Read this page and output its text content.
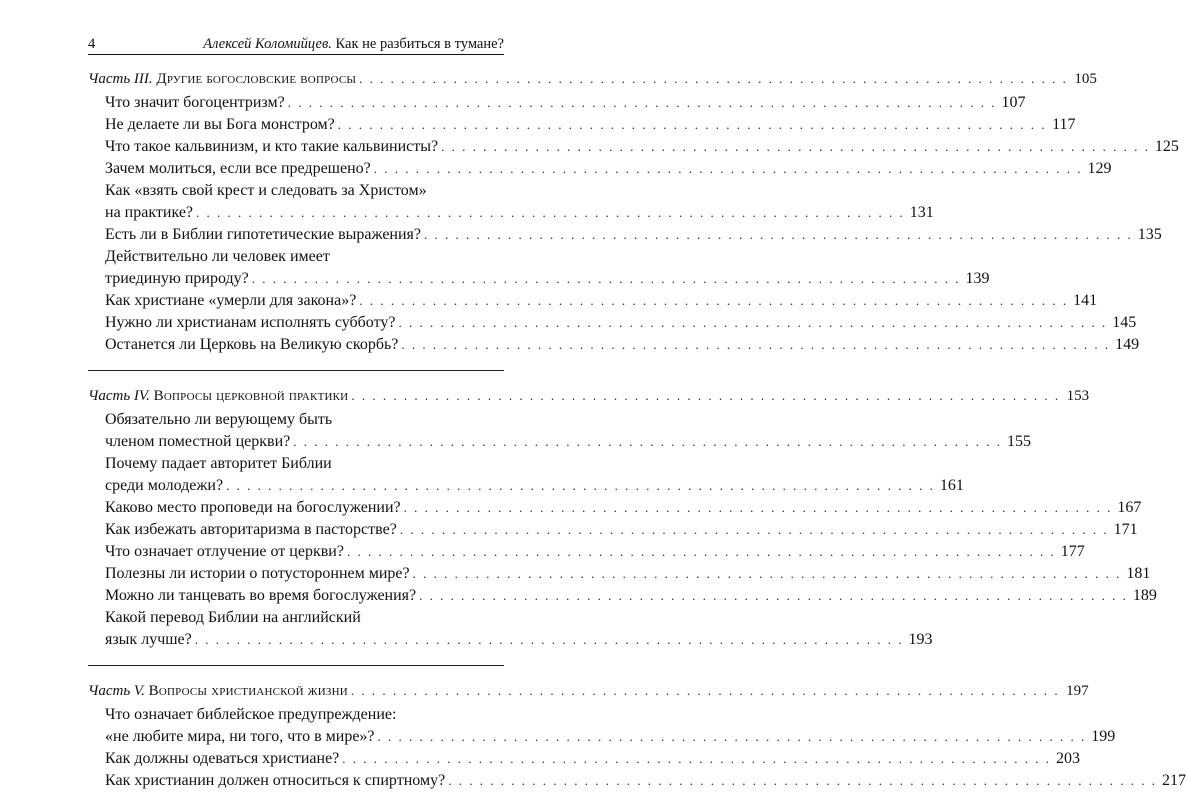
4	Алексей Коломийцев. Как не разбиться в тумане?
Часть III. Другие богословские вопросы . . .	105
Что значит богоцентризм? . . .	107
Не делаете ли вы Бога монстром? . . .	117
Что такое кальвинизм, и кто такие кальвинисты? . . .	125
Зачем молиться, если все предрешено? . . .	129
Как «взять свой крест и следовать за Христом»
на практике? . . .	131
Есть ли в Библии гипотетические выражения? . . .	135
Действительно ли человек имеет
триединую природу? . . .	139
Как христиане «умерли для закона»? . . .	141
Нужно ли христианам исполнять субботу? . . .	145
Останется ли Церковь на Великую скорбь? . . .	149
Часть IV. Вопросы церковной практики . . .	153
Обязательно ли верующему быть
членом поместной церкви? . . .	155
Почему падает авторитет Библии
среди молодежи? . . .	161
Каково место проповеди на богослужении? . . .	167
Как избежать авторитаризма в пасторстве? . . .	171
Что означает отлучение от церкви? . . .	177
Полезны ли истории о потустороннем мире? . . .	181
Можно ли танцевать во время богослужения? . . .	189
Какой перевод Библии на английский
язык лучше? . . .	193
Часть V. Вопросы христианской жизни . . .	197
Что означает библейское предупреждение:
«не любите мира, ни того, что в мире»? . . .	199
Как должны одеваться христиане? . . .	203
Как христианин должен относиться к спиртному? . . .	217
